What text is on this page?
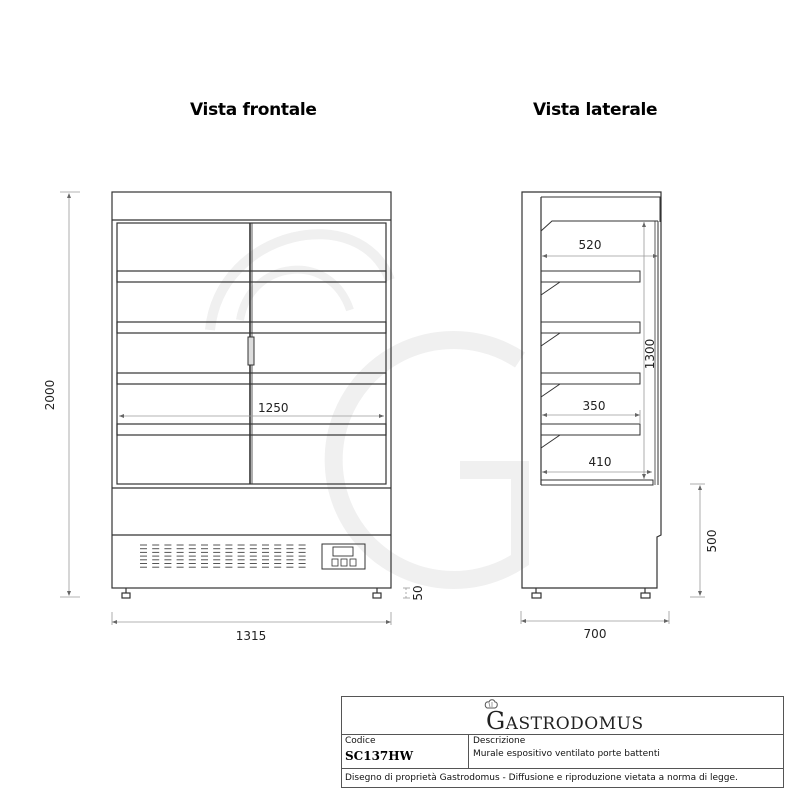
Vista frontale	Vista laterale
2000	1250
1315
50
520
1300
350
410
500
700
GASTRODOMUS
Codice
SC137HW
Descrizione
Murale espositivo ventilato porte battenti
Disegno di proprietà Gastrodomus - Diffusione e riproduzione vietata a norma di legge.
